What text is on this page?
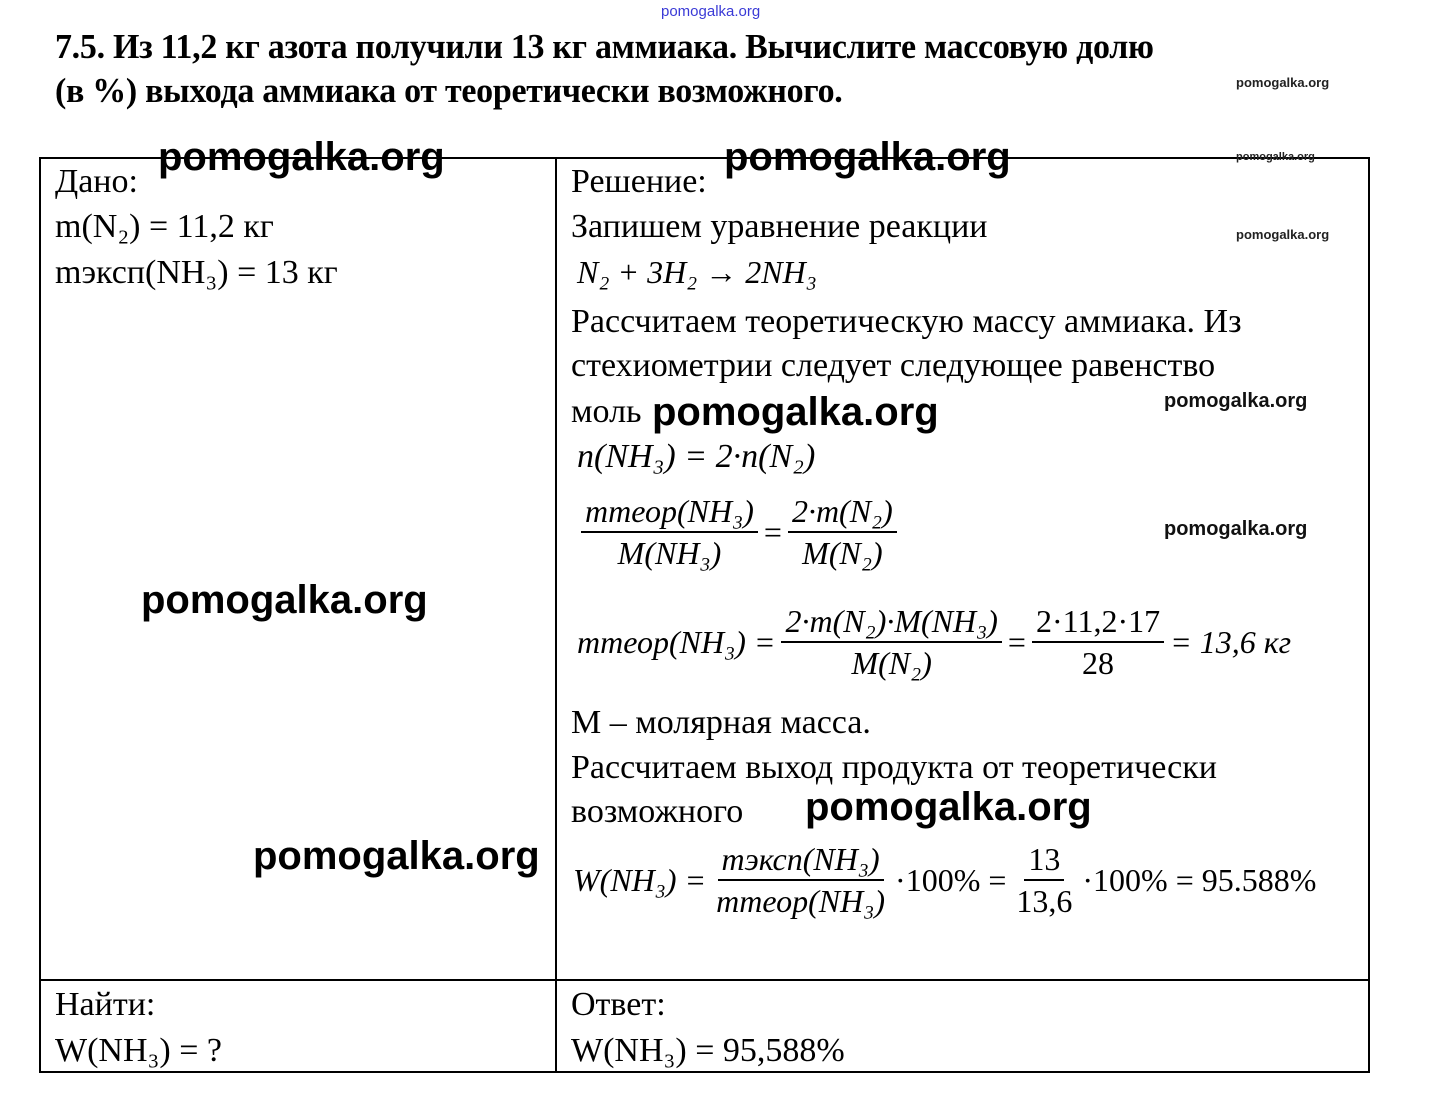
pomogalka.org
7.5. Из 11,2 кг азота получили 13 кг аммиака. Вычислите массовую долю
(в %) выхода аммиака от теоретически возможного.
Дано:
m(N₂) = 11,2 кг
mэксп(NH₃) = 13 кг
Найти:
W(NH₃) = ?
Решение:
Запишем уравнение реакции
N₂ + 3H₂ → 2NH₃
Рассчитаем теоретическую массу аммиака. Из
стехиометрии следует следующее равенство
моль
n(NH₃) = 2·n(N₂)
$\frac{\text{mтеор(NH₃)}}{\text{M(NH₃)}} = \frac{\text{2·m(N₂)}}{\text{M(N₂)}}$
mтеор(NH₃) = $\frac{\text{2·m(N₂)·M(NH₃)}}{\text{M(N₂)}} = \frac{2\cdot 11,2\cdot 17}{28} = 13,6$ кг
M – молярная масса.
Рассчитаем выход продукта от теоретически
возможного
$W(NH_3) = \frac{\text{mэксп(NH₃)}}{\text{mтеор(NH₃)}} \cdot 100\% = \frac{13}{13,6} \cdot 100\% = 95.588\%$
Ответ:
W(NH₃) = 95,588%
pomogalka.org	pomogalka.org
pomogalka.org
pomogalka.org
pomogalka.org
pomogalka.org
pomogalka.org
pomogalka.org
pomogalka.org
pomogalka.org
pomogalka.org
